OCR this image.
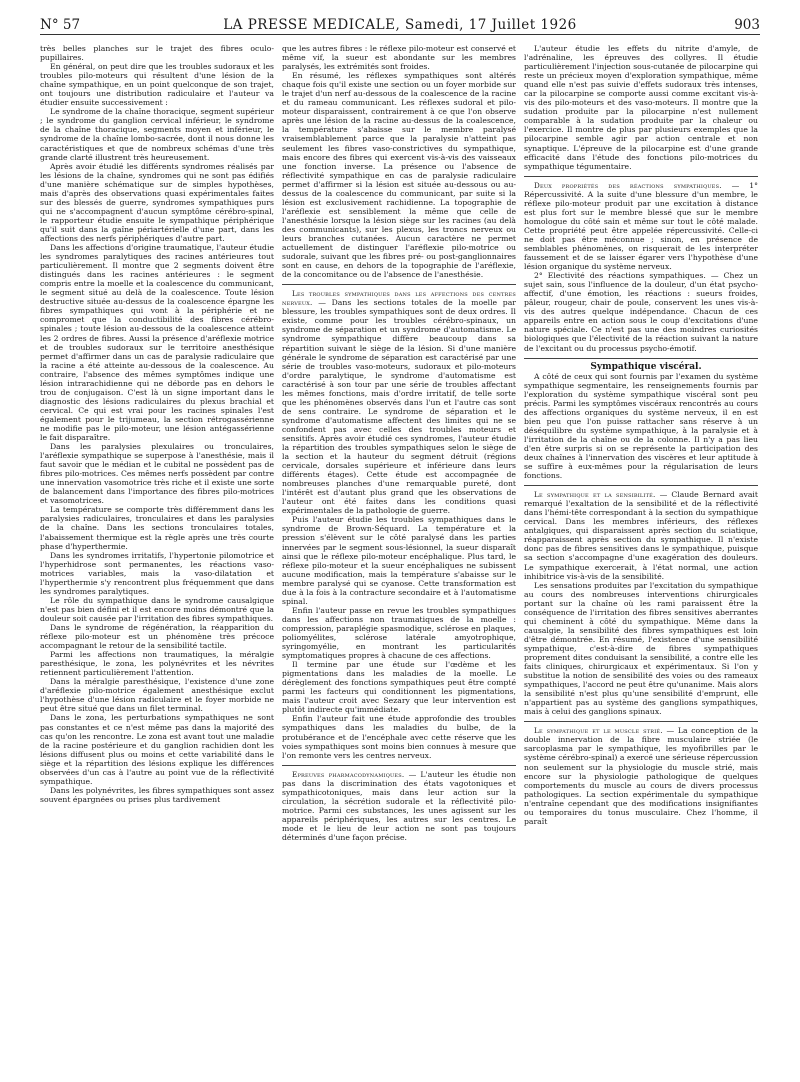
N° 57	LA PRESSE MEDICALE, Samedi, 17 Juillet 1926	903

très belles planches sur le trajet des fibres oculo-pupillaires.

En général, on peut dire que les troubles sudoraux et les troubles pilo-moteurs qui résultent d'une lésion de la chaîne sympathique, en un point quelconque de son trajet, ont toujours une distribution radiculaire et l'auteur va étudier ensuite successivement :

Le syndrome de la chaîne thoracique, segment supérieur ; le syndrome du ganglion cervical inférieur, le syndrome de la chaîne thoracique, segments moyen et inférieur, le syndrome de la chaîne lombo-sacrée, dont il nous donne les caractéristiques et que de nombreux schémas d'une très grande clarté illustrent très heureusement.

Après avoir étudié les différents syndromes réalisés par les lésions de la chaîne, syndromes qui ne sont pas édifiés d'une manière schématique sur de simples hypothèses, mais d'après des observations quasi expérimentales faites sur des blessés de guerre, syndromes sympathiques purs qui ne s'accompagnent d'aucun symptôme cérébro-spinal, le rapporteur étudie ensuite le sympathique périphérique qu'il suit dans la gaîne périartérielle d'une part, dans les affections des nerfs périphériques d'autre part.

Dans les affections d'origine traumatique, l'auteur étudie les syndromes paralytiques des racines antérieures tout particulièrement. Il montre que 2 segments doivent être distingués dans les racines antérieures : le segment compris entre la moelle et la coalescence du communicant, le segment situé au delà de la coalescence. Toute lésion destructive située au-dessus de la coalescence épargne les fibres sympathiques qui vont à la périphérie et ne compromet que la conductibilité des fibres cérébro-spinales ; toute lésion au-dessous de la coalescence atteint les 2 ordres de fibres. Aussi la présence d'aréflexie motrice et de troubles sudoraux sur le territoire anesthésique permet d'affirmer dans un cas de paralysie radiculaire que la racine a été atteinte au-dessous de la coalescence. Au contraire, l'absence des mêmes symptômes indique une lésion intrarachidienne qui ne déborde pas en dehors le trou de conjugaison. C'est là un signe important dans le diagnostic des lésions radiculaires du plexus brachial et cervical. Ce qui est vrai pour les racines spinales l'est également pour le trijumeau, la section rétrogassérienne ne modifie pas le pilo-moteur, une lésion antégassérienne le fait disparaître.

Dans les paralysies plexulaires ou tronculaires, l'aréflexie sympathique se superpose à l'anesthésie, mais il faut savoir que le médian et le cubital ne possèdent pas de fibres pilo-motrices. Ces mêmes nerfs possèdent par contre une innervation vasomotrice très riche et il existe une sorte de balancement dans l'importance des fibres pilo-motrices et vasomotrices.

La température se comporte très différemment dans les paralysies radiculaires, tronculaires et dans les paralysies de la chaîne. Dans les sections tronculaires totales, l'abaissement thermique est la règle après une très courte phase d'hyperthermie.

Dans les syndromes irritatifs, l'hypertonie pilomotrice et l'hyperhidrose sont permanentes, les réactions vaso-motrices variables, mais la vaso-dilatation et l'hyperthermie s'y rencontrent plus fréquemment que dans les syndromes paralytiques.

Le rôle du sympathique dans le syndrome causalgique n'est pas bien défini et il est encore moins démontré que la douleur soit causée par l'irritation des fibres sympathiques.

Dans le syndrome de régénération, la réapparition du réflexe pilo-moteur est un phénomène très précoce accompagnant le retour de la sensibilité tactile.

Parmi les affections non traumatiques, la méralgie paresthésique, le zona, les polynévrites et les névrites retiennent particulièrement l'attention.

Dans la méralgie paresthésique, l'existence d'une zone d'aréflexie pilo-motrice également anesthésique exclut l'hypothèse d'une lésion radiculaire et le foyer morbide ne peut être situé que dans un filet terminal.

Dans le zona, les perturbations sympathiques ne sont pas constantes et ce n'est même pas dans la majorité des cas qu'on les rencontre. Le zona est avant tout une maladie de la racine postérieure et du ganglion rachidien dont les lésions diffusent plus ou moins et cette variabilité dans le siège et la répartition des lésions explique les différences observées d'un cas à l'autre au point vue de la réflectivité sympathique.

Dans les polynévrites, les fibres sympathiques sont assez souvent épargnées ou prises plus tardivement

que les autres fibres : le réflexe pilo-moteur est conservé et même vif, la sueur est abondante sur les membres paralysés, les extrémités sont froides.

En résumé, les réflexes sympathiques sont altérés chaque fois qu'il existe une section ou un foyer morbide sur le trajet d'un nerf au-dessous de la coalescence de la racine et du rameau communicant. Les réflexes sudoral et pilo-moteur disparaissent, contrairement à ce que l'on observe après une lésion de la racine au-dessus de la coalescence, la température s'abaisse sur le membre paralysé vraisemblablement parce que la paralysie n'atteint pas seulement les fibres vaso-constrictives du sympathique, mais encore des fibres qui exercent vis-à-vis des vaisseaux une fonction inverse. La présence ou l'absence de réflectivité sympathique en cas de paralysie radiculaire permet d'affirmer si la lésion est située au-dessous ou au-dessus de la coalescence du communicant, par suite si la lésion est exclusivement rachidienne. La topographie de l'aréflexie est sensiblement la même que celle de l'anesthésie lorsque la lésion siège sur les racines (au delà des communicants), sur les plexus, les troncs nerveux ou leurs branches cutanées. Aucun caractère ne permet actuellement de distinguer l'aréflexie pilo-motrice ou sudorale, suivant que les fibres pré- ou post-ganglionnaires sont en cause, en dehors de la topographie de l'aréflexie, de la concomitance ou de l'absence de l'anesthésie.

Les troubles sympathiques dans les affections des centres nerveux. — Dans les sections totales de la moelle par blessure, les troubles sympathiques sont de deux ordres. Il existe, comme pour les troubles cérébro-spinaux, un syndrome de séparation et un syndrome d'automatisme. Le syndrome sympathique diffère beaucoup dans sa répartition suivant le siège de la lésion. Si d'une manière générale le syndrome de séparation est caractérisé par une série de troubles vaso-moteurs, sudoraux et pilo-moteurs d'ordre paralytique, le syndrome d'automatisme est caractérisé à son tour par une série de troubles affectant les mêmes fonctions, mais d'ordre irritatif, de telle sorte que les phénomènes observés dans l'un et l'autre cas sont de sens contraire. Le syndrome de séparation et le syndrome d'automatisme affectent des limites qui ne se confondent pas avec celles des troubles moteurs et sensitifs. Après avoir étudié ces syndromes, l'auteur étudie la répartition des troubles sympathiques selon le siège de la section et la hauteur du segment détruit (régions cervicale, dorsales supérieure et inférieure dans leurs différents étages). Cette étude est accompagnée de nombreuses planches d'une remarquable pureté, dont l'intérêt est d'autant plus grand que les observations de l'auteur ont été faites dans les conditions quasi expérimentales de la pathologie de guerre.

Puis l'auteur étudie les troubles sympathiques dans le syndrome de Brown-Séquard. La température et la pression s'élèvent sur le côté paralysé dans les parties innervées par le segment sous-lésionnel, la sueur disparaît ainsi que le réflexe pilo-moteur encéphalique. Plus tard, le réflexe pilo-moteur et la sueur encéphaliques ne subissent aucune modification, mais la température s'abaisse sur le membre paralysé qui se cyanose. Cette transformation est due à la fois à la contracture secondaire et à l'automatisme spinal.

Enfin l'auteur passe en revue les troubles sympathiques dans les affections non traumatiques de la moelle : compression, paraplégie spasmodique, sclérose en plaques, poliomyélites, sclérose latérale amyotrophique, syringomyélie, en montrant les particularités symptomatiques propres à chacune de ces affections.

Il termine par une étude sur l'œdème et les pigmentations dans les maladies de la moelle. Le dérèglement des fonctions sympathiques peut être compté parmi les facteurs qui conditionnent les pigmentations, mais l'auteur croit avec Sezary que leur intervention est plutôt indirecte qu'immédiate.

Enfin l'auteur fait une étude approfondie des troubles sympathiques dans les maladies du bulbe, de la protubérance et de l'encéphale avec cette réserve que les voies sympathiques sont moins bien connues à mesure que l'on remonte vers les centres nerveux.

Epreuves pharmacodynamiques. — L'auteur les étudie non pas dans la discrimination des états vagotoniques et sympathicotoniques, mais dans leur action sur la circulation, la sécrétion sudorale et la réflectivité pilo-motrice. Parmi ces substances, les unes agissent sur les appareils périphériques, les autres sur les centres. Le mode et le lieu de leur action ne sont pas toujours déterminés d'une façon précise.

L'auteur étudie les effets du nitrite d'amyle, de l'adrénaline, les épreuves des collyres. Il étudie particulièrement l'injection sous-cutanée de pilocarpine qui reste un précieux moyen d'exploration sympathique, même quand elle n'est pas suivie d'effets sudoraux très intenses, car la pilocarpine se comporte aussi comme excitant vis-à-vis des pilo-moteurs et des vaso-moteurs. Il montre que la sudation produite par la pilocarpine n'est nullement comparable à la sudation produite par la chaleur ou l'exercice. Il montre de plus par plusieurs exemples que la pilocarpine semble agir par action centrale et non synaptique. L'épreuve de la pilocarpine est d'une grande efficacité dans l'étude des fonctions pilo-motrices du sympathique tégumentaire.

Deux propriétés des réactions sympathiques. — 1° Répercussivité. A la suite d'une blessure d'un membre, le réflexe pilo-moteur produit par une excitation à distance est plus fort sur le membre blessé que sur le membre homologue du côté sain et même sur tout le côté malade. Cette propriété peut être appelée répercussivité. Celle-ci ne doit pas être méconnue ; sinon, en présence de semblables phénomènes, on risquerait de les interpréter faussement et de se laisser égarer vers l'hypothèse d'une lésion organique du système nerveux.

2° Electivité des réactions sympathiques. — Chez un sujet sain, sous l'influence de la douleur, d'un état psycho-affectif, d'une émotion, les réactions : sueurs froides, pâleur, rougeur, chair de poule, conservent les unes vis-à-vis des autres quelque indépendance. Chacun de ces appareils entre en action sous le coup d'excitations d'une nature spéciale. Ce n'est pas une des moindres curiosités biologiques que l'électivité de la réaction suivant la nature de l'excitant ou du processus psycho-émotif.

Sympathique viscéral.

A côté de ceux qui sont fournis par l'examen du système sympathique segmentaire, les renseignements fournis par l'exploration du système sympathique viscéral sont peu précis. Parmi les symptômes viscéraux rencontrés au cours des affections organiques du système nerveux, il en est bien peu que l'on puisse rattacher sans réserve à un déséquilibre du système sympathique, à la paralysie et à l'irritation de la chaîne ou de la colonne. Il n'y a pas lieu d'en être surpris si on se représente la participation des deux chaînes à l'innervation des viscères et leur aptitude à se suffire à eux-mêmes pour la régularisation de leurs fonctions.

Le sympathique et la sensibilité. — Claude Bernard avait remarqué l'exaltation de la sensibilité et de la réflectivité dans l'hémi-tête correspondant à la section du sympathique cervical. Dans les membres inférieurs, des réflexes antalgiques, qui disparaissent après section du sciatique, réapparaissent après section du sympathique. Il n'existe donc pas de fibres sensitives dans le sympathique, puisque sa section s'accompagne d'une exagération des douleurs. Le sympathique exercerait, à l'état normal, une action inhibitrice vis-à-vis de la sensibilité.

Les sensations produites par l'excitation du sympathique au cours des nombreuses interventions chirurgicales portant sur la chaîne où les rami paraissent être la conséquence de l'irritation des fibres sensitives aberrantes qui cheminent à côté du sympathique. Même dans la causalgie, la sensibilité des fibres sympathiques est loin d'être démontrée. En résumé, l'existence d'une sensibilité sympathique, c'est-à-dire de fibres sympathiques proprement dites conduisant la sensibilité, a contre elle les faits cliniques, chirurgicaux et expérimentaux. Si l'on y substitue la notion de sensibilité des voies ou des rameaux sympathiques, l'accord ne peut être qu'unanime. Mais alors la sensibilité n'est plus qu'une sensibilité d'emprunt, elle n'appartient pas au système des ganglions sympathiques, mais à celui des ganglions spinaux.

Le sympathique et le muscle strié. — La conception de la double innervation de la fibre musculaire striée (le sarcoplasma par le sympathique, les myofibrilles par le système cérébro-spinal) a exercé une sérieuse répercussion non seulement sur la physiologie du muscle strié, mais encore sur la physiologie pathologique de quelques comportements du muscle au cours de divers processus pathologiques. La section expérimentale du sympathique n'entraîne cependant que des modifications insignifiantes ou temporaires du tonus musculaire. Chez l'homme, il paraît
